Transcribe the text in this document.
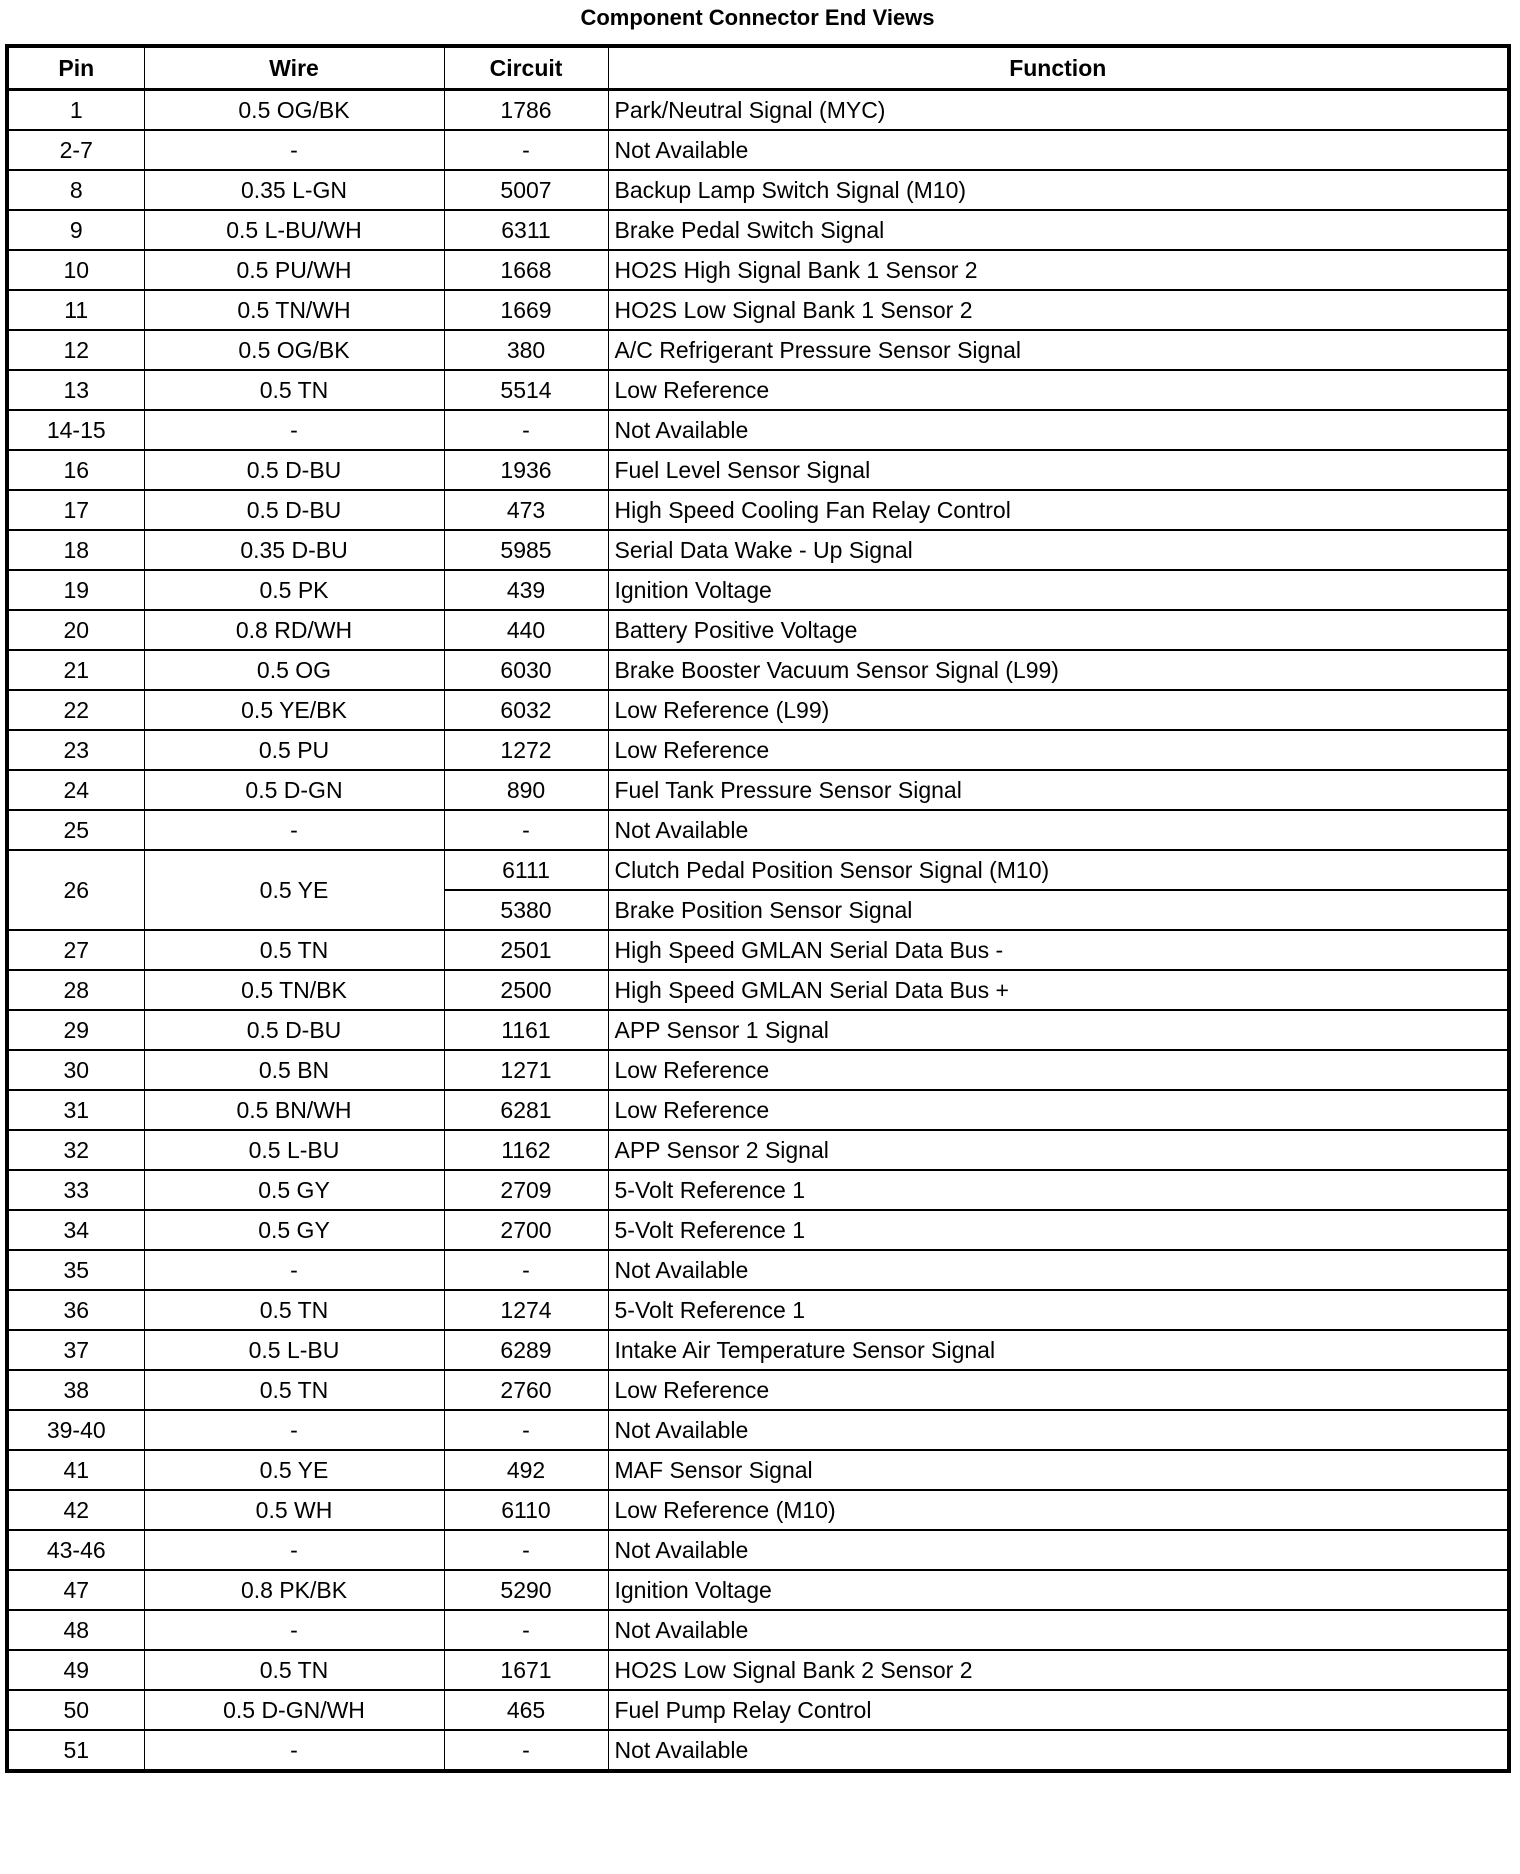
Component Connector End Views
Pin	Wire	Circuit	Function
1	0.5 OG/BK	1786	Park/Neutral Signal (MYC)
2-7	-	-	Not Available
8	0.35 L-GN	5007	Backup Lamp Switch Signal (M10)
9	0.5 L-BU/WH	6311	Brake Pedal Switch Signal
10	0.5 PU/WH	1668	HO2S High Signal Bank 1 Sensor 2
11	0.5 TN/WH	1669	HO2S Low Signal Bank 1 Sensor 2
12	0.5 OG/BK	380	A/C Refrigerant Pressure Sensor Signal
13	0.5 TN	5514	Low Reference
14-15	-	-	Not Available
16	0.5 D-BU	1936	Fuel Level Sensor Signal
17	0.5 D-BU	473	High Speed Cooling Fan Relay Control
18	0.35 D-BU	5985	Serial Data Wake - Up Signal
19	0.5 PK	439	Ignition Voltage
20	0.8 RD/WH	440	Battery Positive Voltage
21	0.5 OG	6030	Brake Booster Vacuum Sensor Signal (L99)
22	0.5 YE/BK	6032	Low Reference (L99)
23	0.5 PU	1272	Low Reference
24	0.5 D-GN	890	Fuel Tank Pressure Sensor Signal
25	-	-	Not Available
26	0.5 YE	6111	Clutch Pedal Position Sensor Signal (M10)
		5380	Brake Position Sensor Signal
27	0.5 TN	2501	High Speed GMLAN Serial Data Bus -
28	0.5 TN/BK	2500	High Speed GMLAN Serial Data Bus +
29	0.5 D-BU	1161	APP Sensor 1 Signal
30	0.5 BN	1271	Low Reference
31	0.5 BN/WH	6281	Low Reference
32	0.5 L-BU	1162	APP Sensor 2 Signal
33	0.5 GY	2709	5-Volt Reference 1
34	0.5 GY	2700	5-Volt Reference 1
35	-	-	Not Available
36	0.5 TN	1274	5-Volt Reference 1
37	0.5 L-BU	6289	Intake Air Temperature Sensor Signal
38	0.5 TN	2760	Low Reference
39-40	-	-	Not Available
41	0.5 YE	492	MAF Sensor Signal
42	0.5 WH	6110	Low Reference (M10)
43-46	-	-	Not Available
47	0.8 PK/BK	5290	Ignition Voltage
48	-	-	Not Available
49	0.5 TN	1671	HO2S Low Signal Bank 2 Sensor 2
50	0.5 D-GN/WH	465	Fuel Pump Relay Control
51	-	-	Not Available
